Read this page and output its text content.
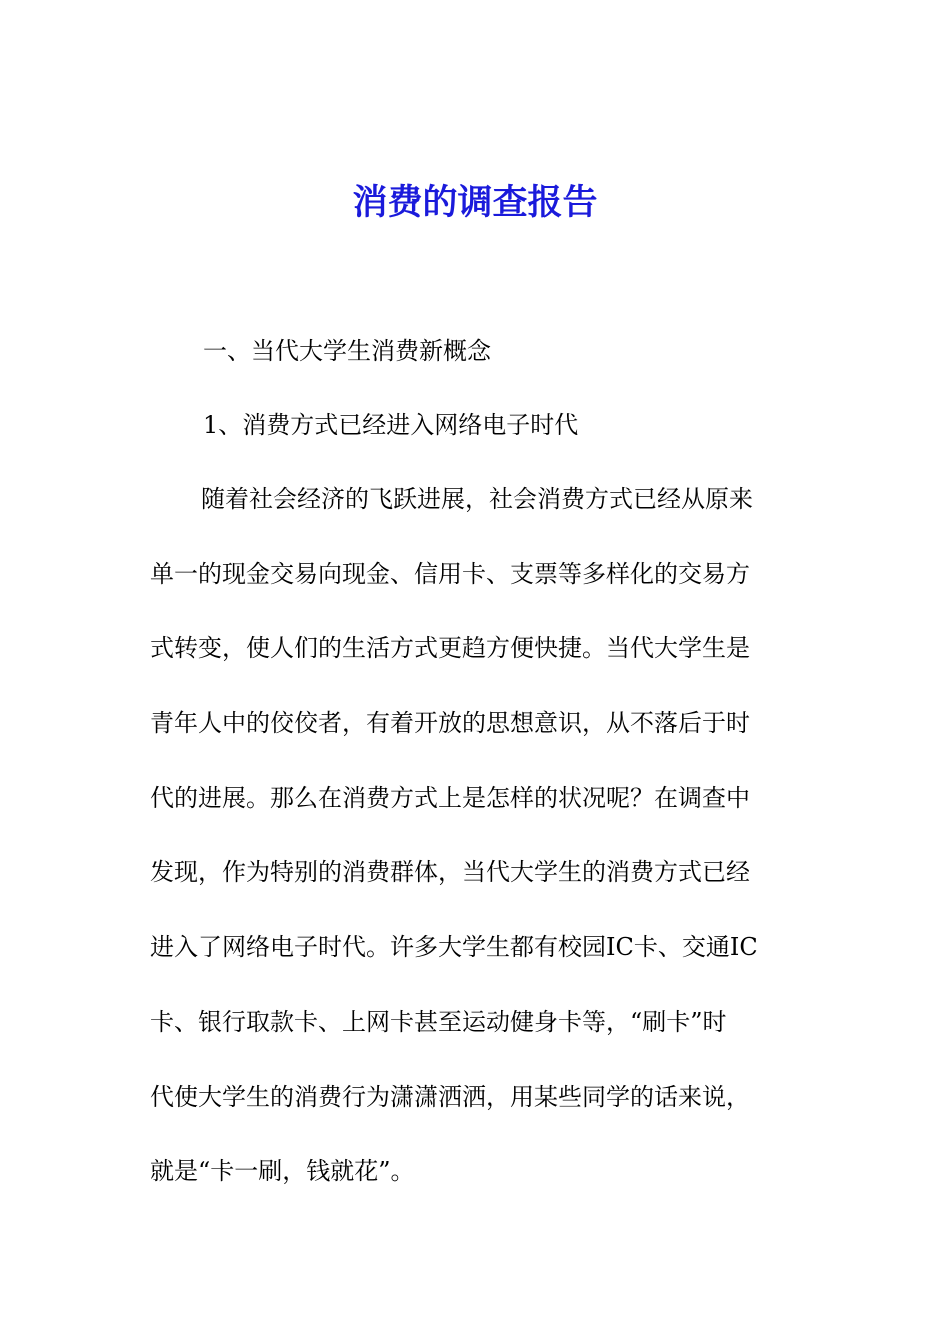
消费的调查报告

一、当代大学生消费新概念

1、消费方式已经进入网络电子时代

随着社会经济的飞跃进展，社会消费方式已经从原来
单一的现金交易向现金、信用卡、支票等多样化的交易方
式转变，使人们的生活方式更趋方便快捷。当代大学生是
青年人中的佼佼者，有着开放的思想意识，从不落后于时
代的进展。那么在消费方式上是怎样的状况呢？在调查中
发现，作为特别的消费群体，当代大学生的消费方式已经
进入了网络电子时代。许多大学生都有校园IC卡、交通IC
卡、银行取款卡、上网卡甚至运动健身卡等，“刷卡”时
代使大学生的消费行为潇潇洒洒，用某些同学的话来说，
就是“卡一刷，钱就花”。
